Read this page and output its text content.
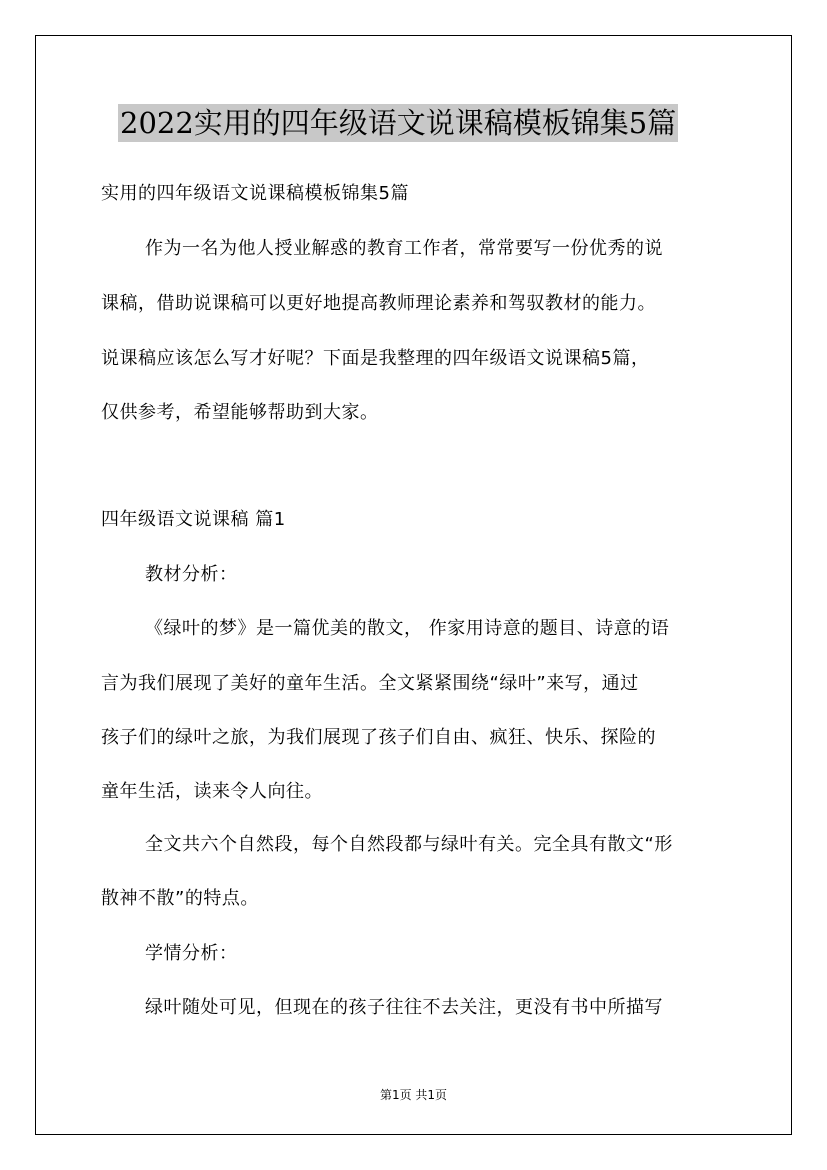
2022实用的四年级语文说课稿模板锦集5篇
实用的四年级语文说课稿模板锦集5篇
作为一名为他人授业解惑的教育工作者，常常要写一份优秀的说
课稿，借助说课稿可以更好地提高教师理论素养和驾驭教材的能力。
说课稿应该怎么写才好呢？下面是我整理的四年级语文说课稿5篇，
仅供参考，希望能够帮助到大家。
四年级语文说课稿 篇1
教材分析：
《绿叶的梦》是一篇优美的散文， 作家用诗意的题目、诗意的语
言为我们展现了美好的童年生活。全文紧紧围绕“绿叶”来写，通过
孩子们的绿叶之旅，为我们展现了孩子们自由、疯狂、快乐、探险的
童年生活，读来令人向往。
全文共六个自然段，每个自然段都与绿叶有关。完全具有散文“形
散神不散”的特点。
学情分析：
绿叶随处可见，但现在的孩子往往不去关注，更没有书中所描写
第1页 共1页
